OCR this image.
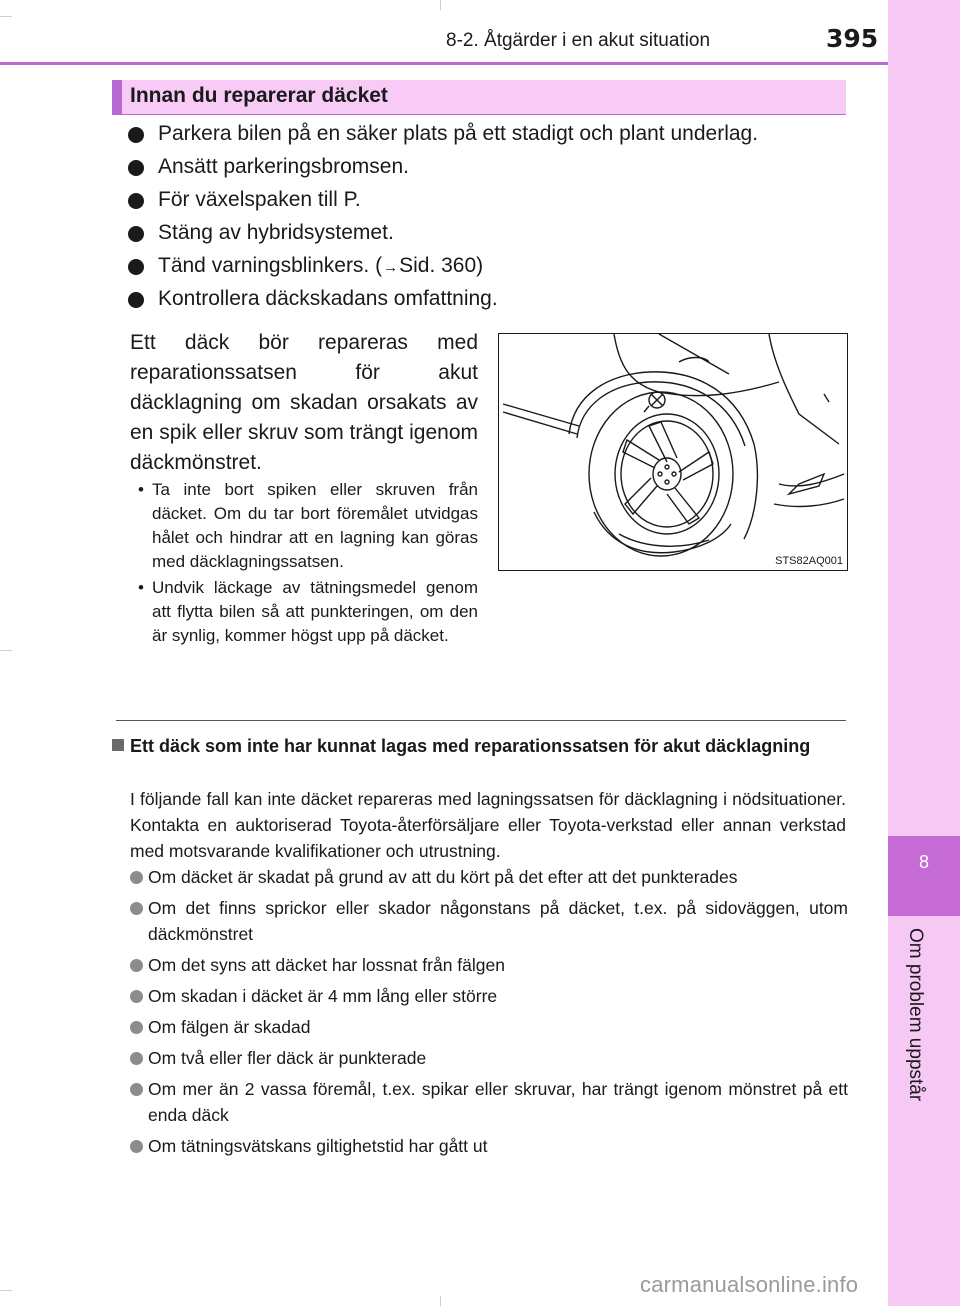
8
Om problem uppstår
8-2. Åtgärder i en akut situation	395
Innan du reparerar däcket
Parkera bilen på en säker plats på ett stadigt och plant underlag.
Ansätt parkeringsbromsen.
För växelspaken till P.
Stäng av hybridsystemet.
Tänd varningsblinkers. (→Sid. 360)
Kontrollera däckskadans omfattning.
Ett däck bör repareras med reparationssatsen för akut däcklagning om skadan orsakats av en spik eller skruv som trängt igenom däckmönstret.
• Ta inte bort spiken eller skruven från däcket. Om du tar bort föremålet utvidgas hålet och hindrar att en lagning kan göras med däcklagningssatsen.
• Undvik läckage av tätningsmedel genom att flytta bilen så att punkteringen, om den är synlig, kommer högst upp på däcket.
STS82AQ001
Ett däck som inte har kunnat lagas med reparationssatsen för akut däcklagning
I följande fall kan inte däcket repareras med lagningssatsen för däcklagning i nödsituationer. Kontakta en auktoriserad Toyota-återförsäljare eller Toyota-verkstad eller annan verkstad med motsvarande kvalifikationer och utrustning.
Om däcket är skadat på grund av att du kört på det efter att det punkterades
Om det finns sprickor eller skador någonstans på däcket, t.ex. på sidoväggen, utom däckmönstret
Om det syns att däcket har lossnat från fälgen
Om skadan i däcket är 4 mm lång eller större
Om fälgen är skadad
Om två eller fler däck är punkterade
Om mer än 2 vassa föremål, t.ex. spikar eller skruvar, har trängt igenom mönstret på ett enda däck
Om tätningsvätskans giltighetstid har gått ut
carmanualsonline.info
